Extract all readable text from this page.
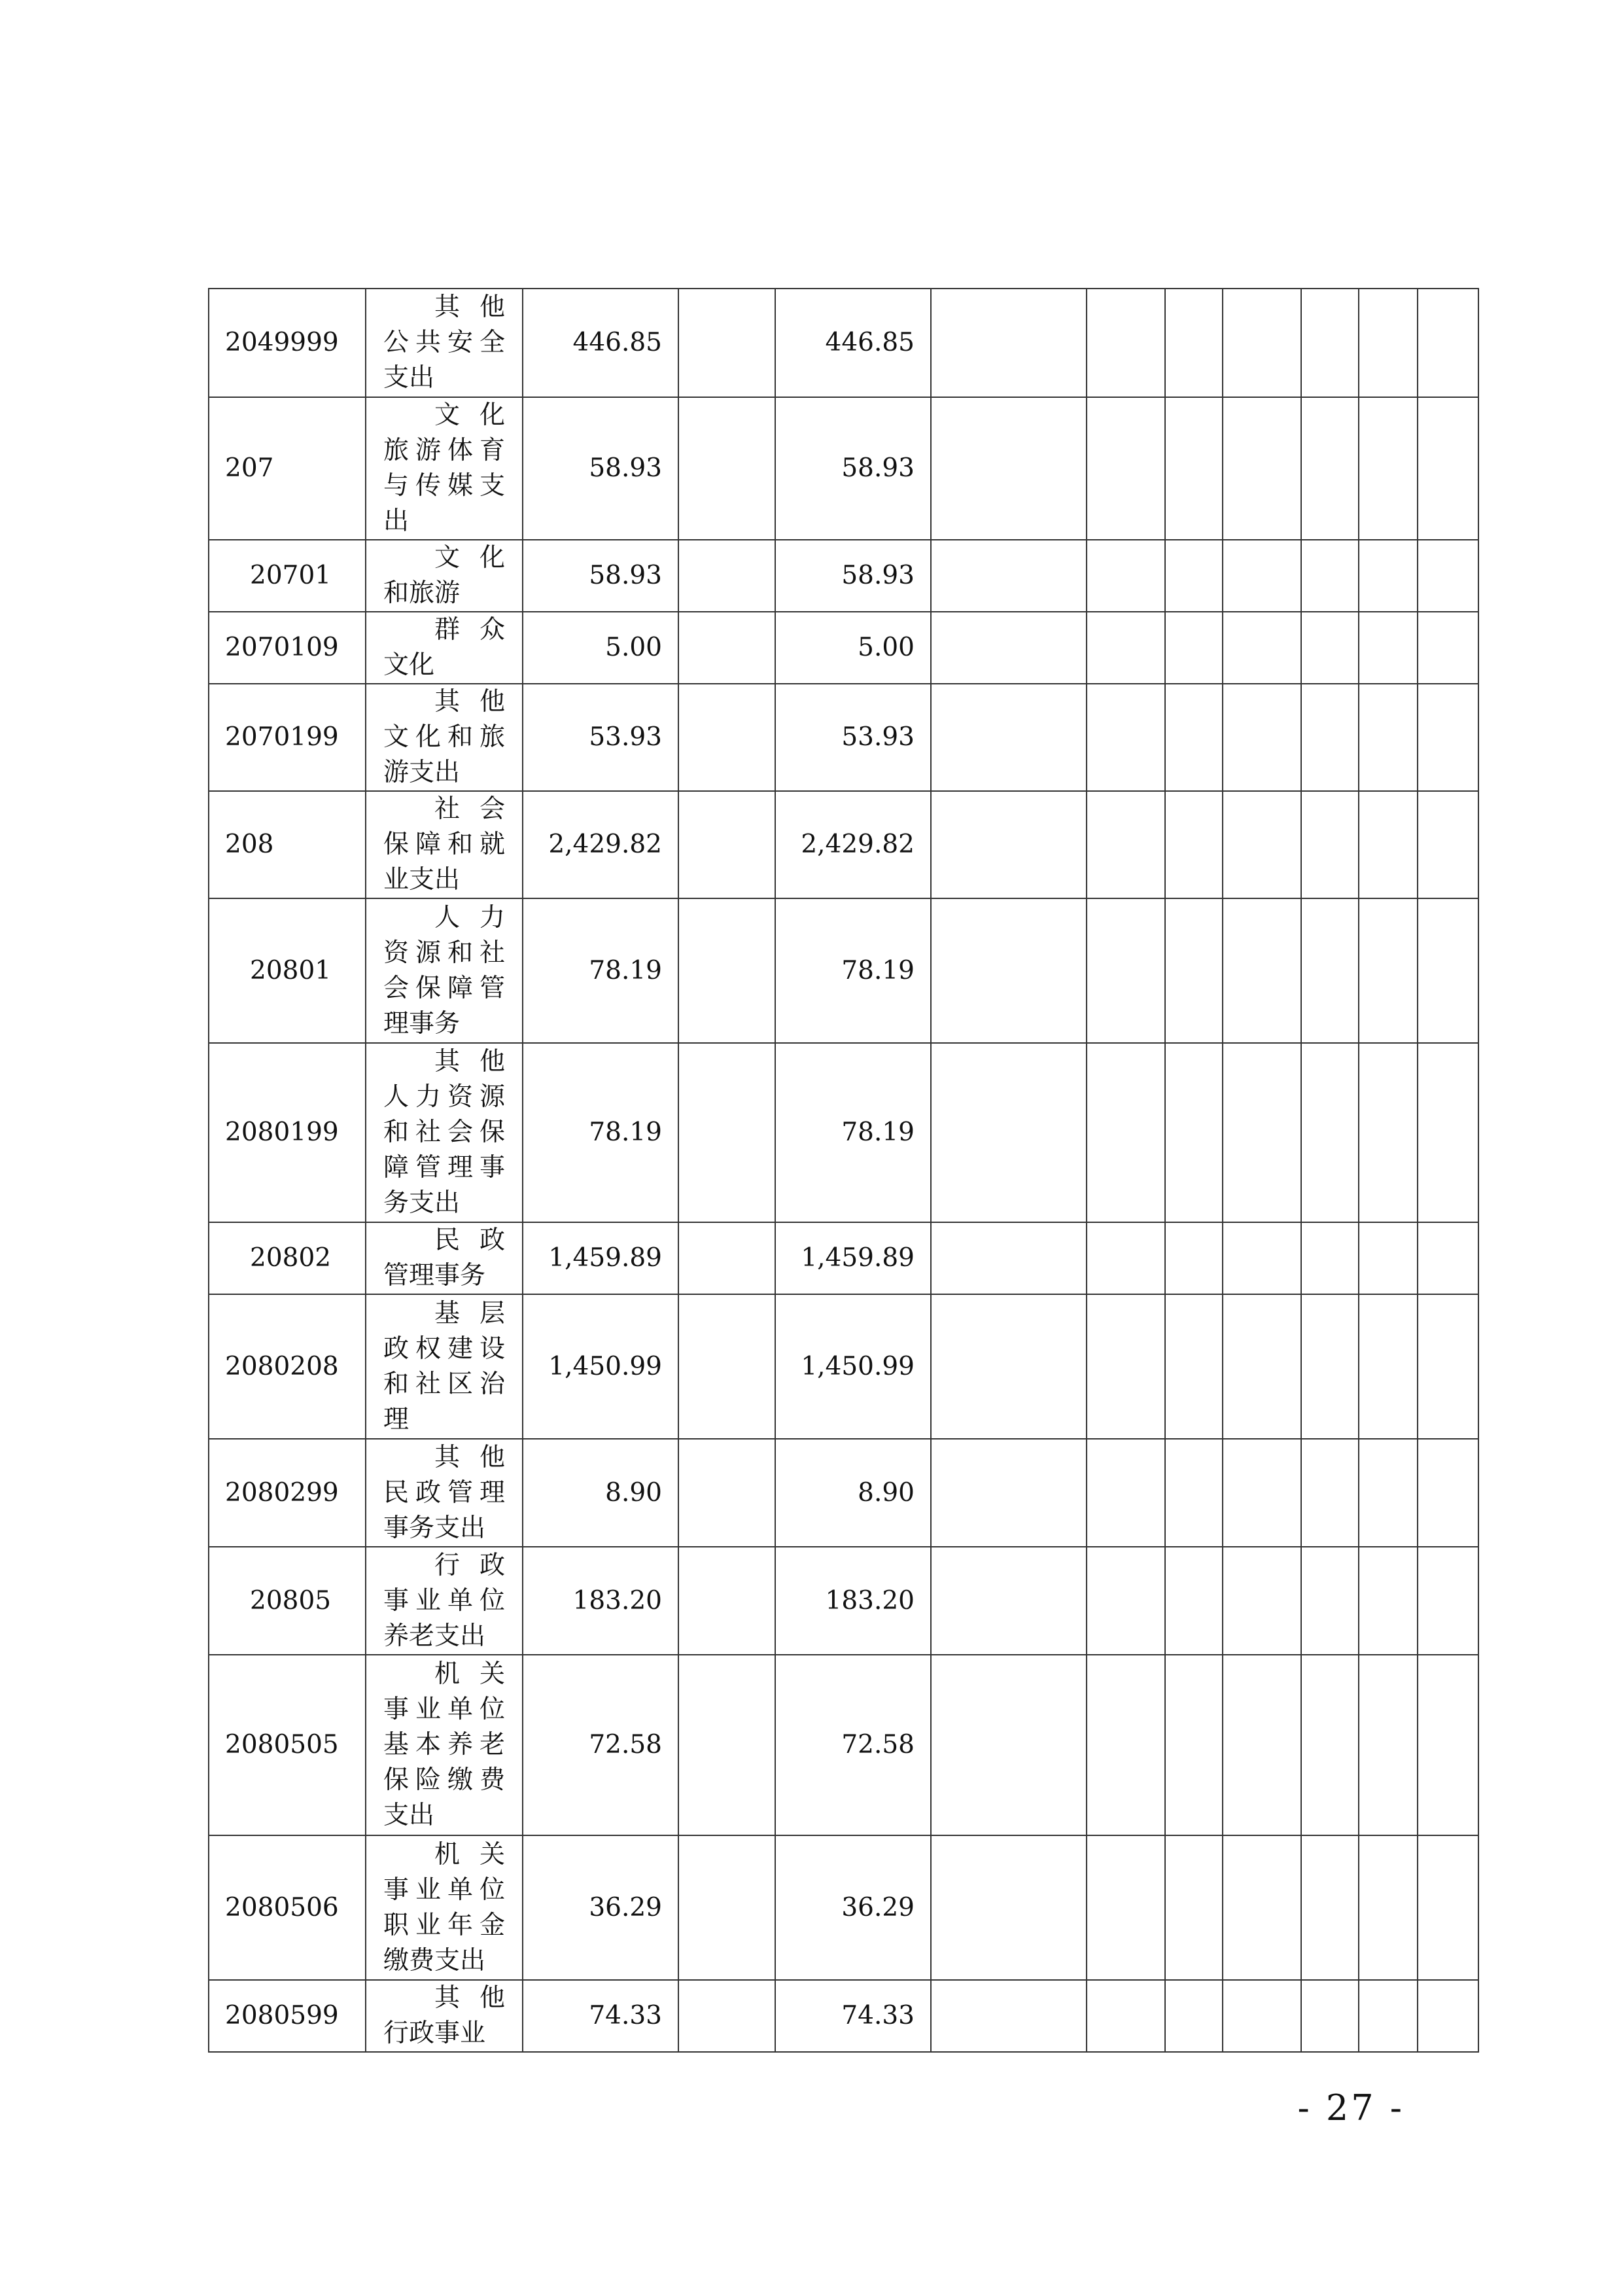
2049999	其他公共安全支出	446.85		446.85							
207	文化旅游体育与传媒支出	58.93		58.93							
20701	文化和旅游	58.93		58.93							
2070109	群众文化	5.00		5.00							
2070199	其他文化和旅游支出	53.93		53.93							
208	社会保障和就业支出	2,429.82		2,429.82							
20801	人力资源和社会保障管理事务	78.19		78.19							
2080199	其他人力资源和社会保障管理事务支出	78.19		78.19							
20802	民政管理事务	1,459.89		1,459.89							
2080208	基层政权建设和社区治理	1,450.99		1,450.99							
2080299	其他民政管理事务支出	8.90		8.90							
20805	行政事业单位养老支出	183.20		183.20							
2080505	机关事业单位基本养老保险缴费支出	72.58		72.58							
2080506	机关事业单位职业年金缴费支出	36.29		36.29							
2080599	其他行政事业	74.33		74.33							
- 27 -
